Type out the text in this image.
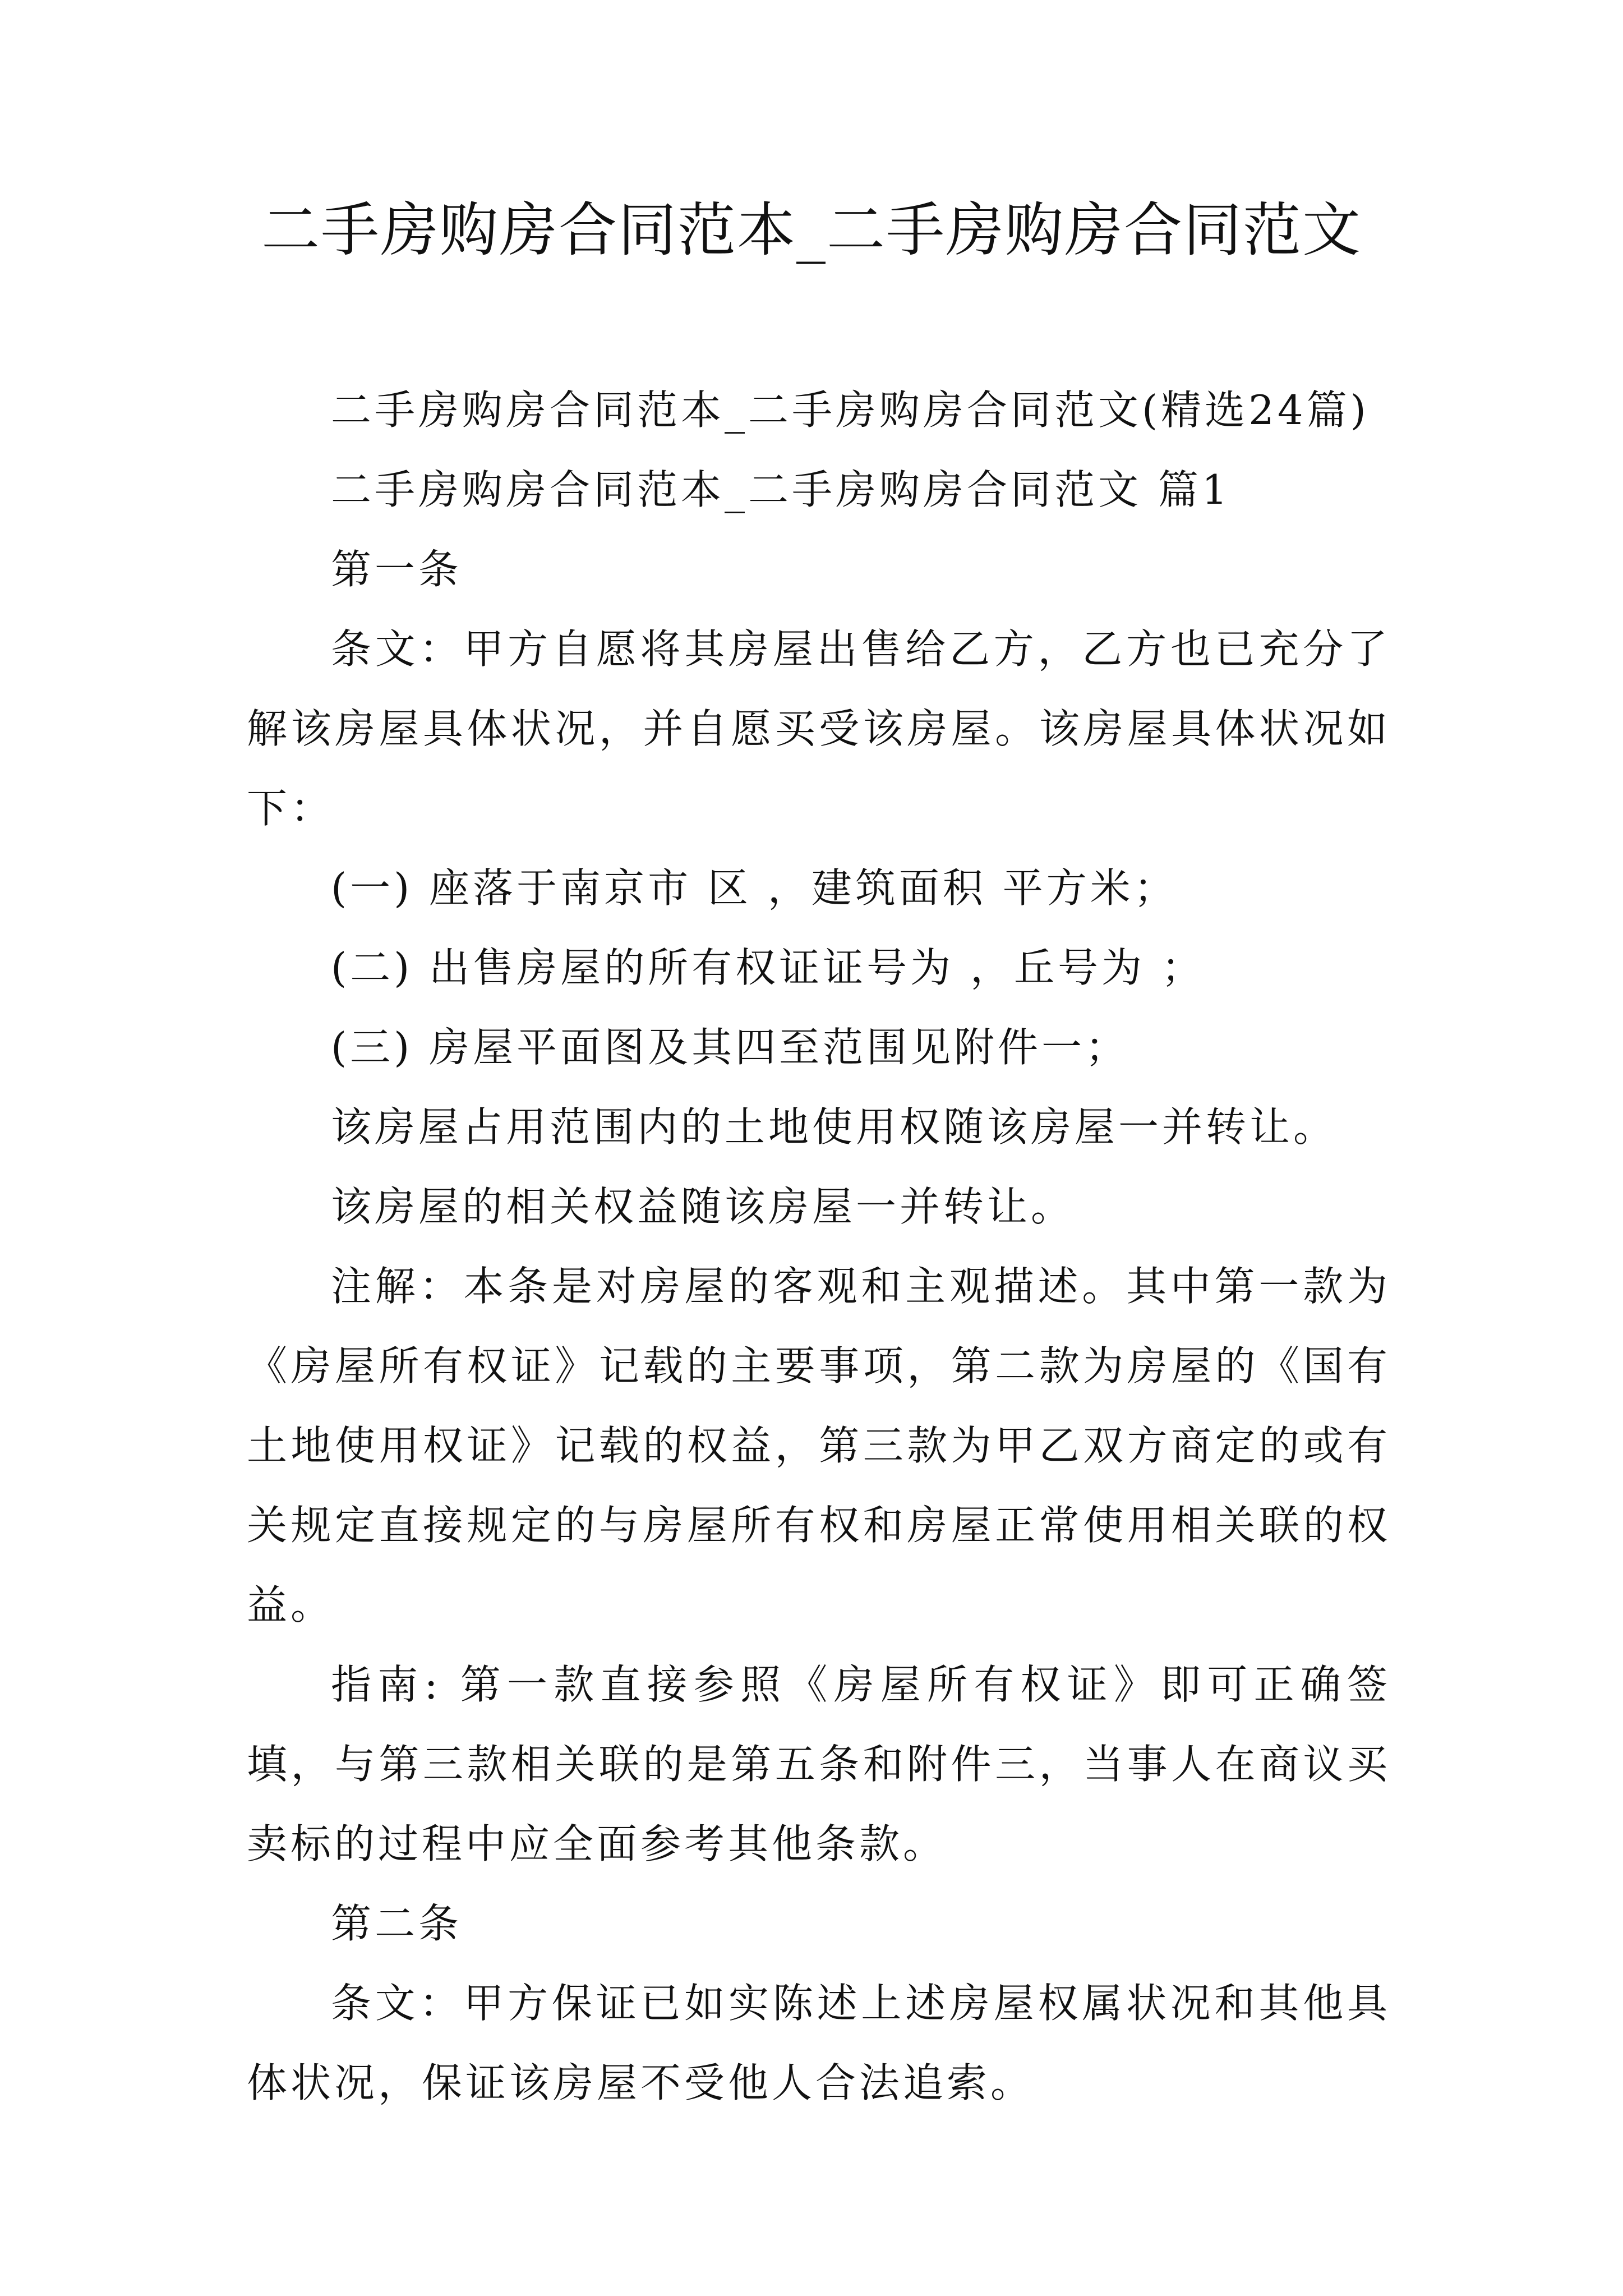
二手房购房合同范本_二手房购房合同范文

二手房购房合同范本_二手房购房合同范文(精选24篇)

二手房购房合同范本_二手房购房合同范文 篇1

第一条

条文：甲方自愿将其房屋出售给乙方，乙方也已充分了解该房屋具体状况，并自愿买受该房屋。该房屋具体状况如下：

(一) 座落于南京市 区 ，建筑面积 平方米；

(二) 出售房屋的所有权证证号为 ，丘号为 ；

(三) 房屋平面图及其四至范围见附件一；

该房屋占用范围内的土地使用权随该房屋一并转让。

该房屋的相关权益随该房屋一并转让。

注解：本条是对房屋的客观和主观描述。其中第一款为《房屋所有权证》记载的主要事项，第二款为房屋的《国有土地使用权证》记载的权益，第三款为甲乙双方商定的或有关规定直接规定的与房屋所有权和房屋正常使用相关联的权益。

指南: 第一款直接参照《房屋所有权证》即可正确签填，与第三款相关联的是第五条和附件三，当事人在商议买卖标的过程中应全面参考其他条款。

第二条

条文：甲方保证已如实陈述上述房屋权属状况和其他具体状况，保证该房屋不受他人合法追索。
